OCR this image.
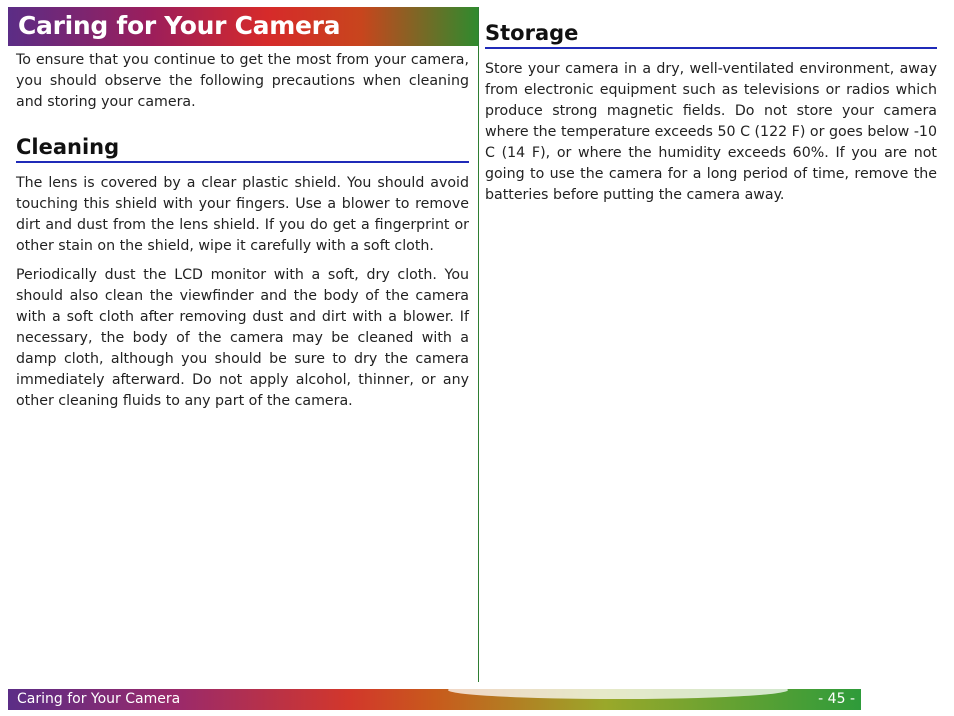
Caring for Your Camera

To ensure that you continue to get the most from your camera, you should observe the following precautions when cleaning and storing your camera.

Cleaning

The lens is covered by a clear plastic shield. You should avoid touching this shield with your fingers. Use a blower to remove dirt and dust from the lens shield. If you do get a fingerprint or other stain on the shield, wipe it carefully with a soft cloth.

Periodically dust the LCD monitor with a soft, dry cloth. You should also clean the viewfinder and the body of the camera with a soft cloth after removing dust and dirt with a blower. If necessary, the body of the camera may be cleaned with a damp cloth, although you should be sure to dry the camera immediately afterward. Do not apply alcohol, thinner, or any other cleaning fluids to any part of the camera.

Storage

Store your camera in a dry, well-ventilated environment, away from electronic equipment such as televisions or radios which produce strong magnetic fields. Do not store your camera where the temperature exceeds 50 C (122 F) or goes below -10 C (14 F), or where the humidity exceeds 60%. If you are not going to use the camera for a long period of time, remove the batteries before putting the camera away.

Caring for Your Camera	- 45 -
